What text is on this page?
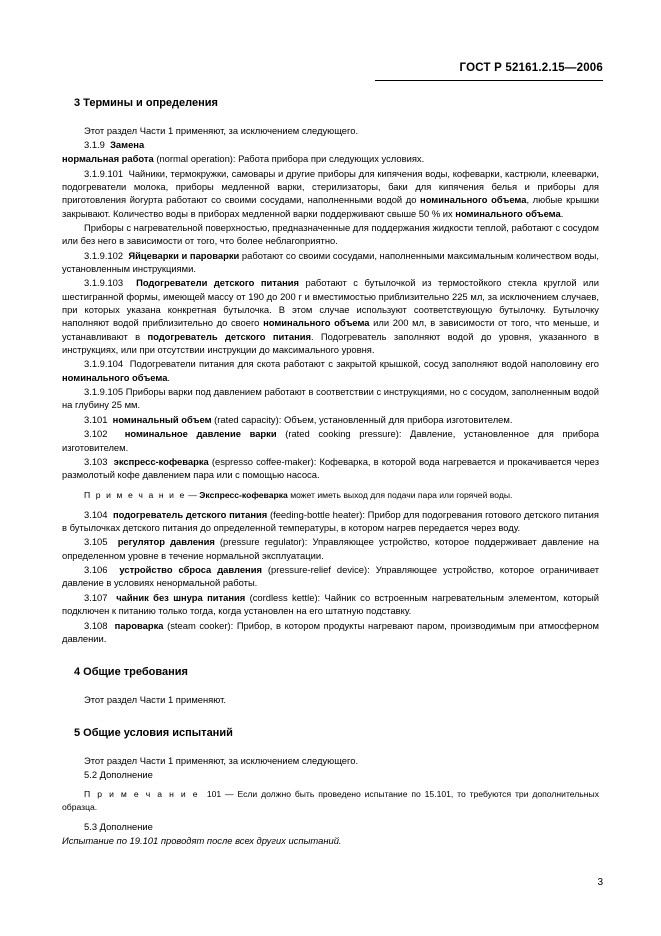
ГОСТ Р 52161.2.15—2006
3 Термины и определения

Этот раздел Части 1 применяют, за исключением следующего.

3.1.9  Замена

нормальная работа (normal operation): Работа прибора при следующих условиях.

3.1.9.101  Чайники, термокружки, самовары и другие приборы для кипячения воды, кофеварки, кастрюли, клееварки, подогреватели молока, приборы медленной варки, стерилизаторы, баки для кипячения белья и приборы для приготовления йогурта работают со своими сосудами, наполненными водой до номинального объема, любые крышки закрывают. Количество воды в приборах медленной варки поддерживают свыше 50 % их номинального объема.

Приборы с нагревательной поверхностью, предназначенные для поддержания жидкости теплой, работают с сосудом или без него в зависимости от того, что более неблагоприятно.

3.1.9.102  Яйцеварки и пароварки работают со своими сосудами, наполненными максимальным количеством воды, установленным инструкциями.

3.1.9.103  Подогреватели детского питания работают с бутылочкой из термостойкого стекла круглой или шестигранной формы, имеющей массу от 190 до 200 г и вместимостью приблизительно 225 мл, за исключением случаев, при которых указана конкретная бутылочка. В этом случае используют соответствующую бутылочку. Бутылочку наполняют водой приблизительно до своего номинального объема или 200 мл, в зависимости от того, что меньше, и устанавливают в подогреватель детского питания. Подогреватель заполняют водой до уровня, указанного в инструкциях, или при отсутствии инструкции до максимального уровня.

3.1.9.104  Подогреватели питания для скота работают с закрытой крышкой, сосуд заполняют водой наполовину его номинального объема.

3.1.9.105 Приборы варки под давлением работают в соответствии с инструкциями, но с сосудом, заполненным водой на глубину 25 мм.

3.101  номинальный объем (rated capacity): Объем, установленный для прибора изготовителем.

3.102  номинальное давление варки (rated cooking pressure): Давление, установленное для прибора изготовителем.

3.103  экспресс-кофеварка (espresso coffee-maker): Кофеварка, в которой вода нагревается и прокачивается через размолотый кофе давлением пара или с помощью насоса.

П р и м е ч а н и е — Экспресс-кофеварка может иметь выход для подачи пара или горячей воды.

3.104  подогреватель детского питания (feeding-bottle heater): Прибор для подогревания готового детского питания в бутылочках детского питания до определенной температуры, в котором нагрев передается через воду.

3.105  регулятор давления (pressure regulator): Управляющее устройство, которое поддерживает давление на определенном уровне в течение нормальной эксплуатации.

3.106  устройство сброса давления (pressure-relief device): Управляющее устройство, которое ограничивает давление в условиях ненормальной работы.

3.107  чайник без шнура питания (cordless kettle): Чайник со встроенным нагревательным элементом, который подключен к питанию только тогда, когда установлен на его штатную подставку.

3.108  пароварка (steam cooker): Прибор, в котором продукты нагревают паром, производимым при атмосферном давлении.

4 Общие требования

Этот раздел Части 1 применяют.

5 Общие условия испытаний

Этот раздел Части 1 применяют, за исключением следующего.

5.2 Дополнение

П р и м е ч а н и е  101 — Если должно быть проведено испытание по 15.101, то требуются три дополнительных образца.

5.3 Дополнение

Испытание по 19.101 проводят после всех других испытаний.

3
